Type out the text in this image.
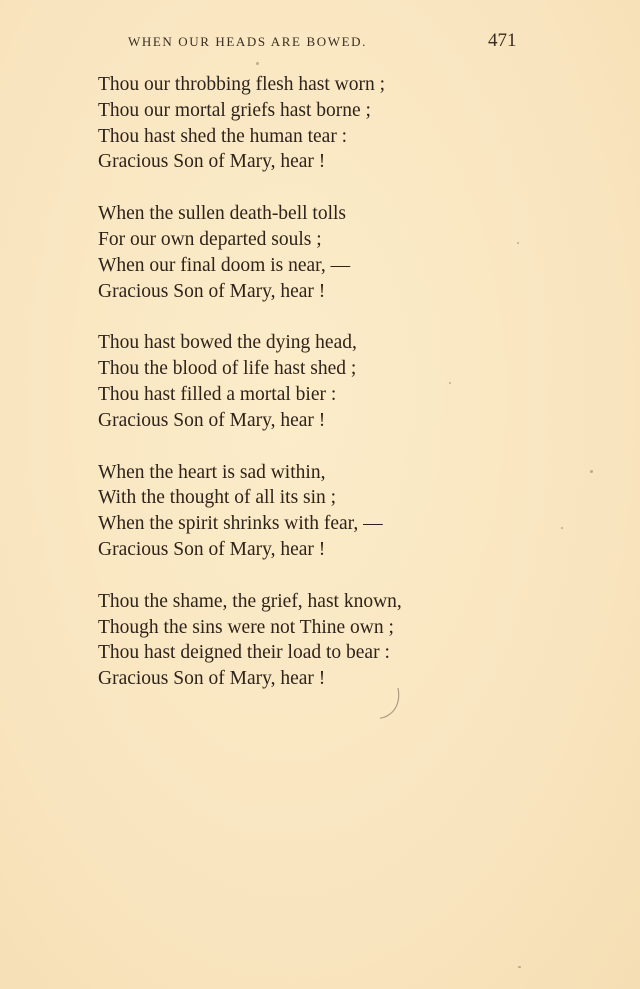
WHEN OUR HEADS ARE BOWED.	471
Thou our throbbing flesh hast worn ;
Thou our mortal griefs hast borne ;
Thou hast shed the human tear :
Gracious Son of Mary, hear !
When the sullen death-bell tolls
For our own departed souls ;
When our final doom is near, —
Gracious Son of Mary, hear !
Thou hast bowed the dying head,
Thou the blood of life hast shed ;
Thou hast filled a mortal bier :
Gracious Son of Mary, hear !
When the heart is sad within,
With the thought of all its sin ;
When the spirit shrinks with fear, —
Gracious Son of Mary, hear !
Thou the shame, the grief, hast known,
Though the sins were not Thine own ;
Thou hast deigned their load to bear :
Gracious Son of Mary, hear !
